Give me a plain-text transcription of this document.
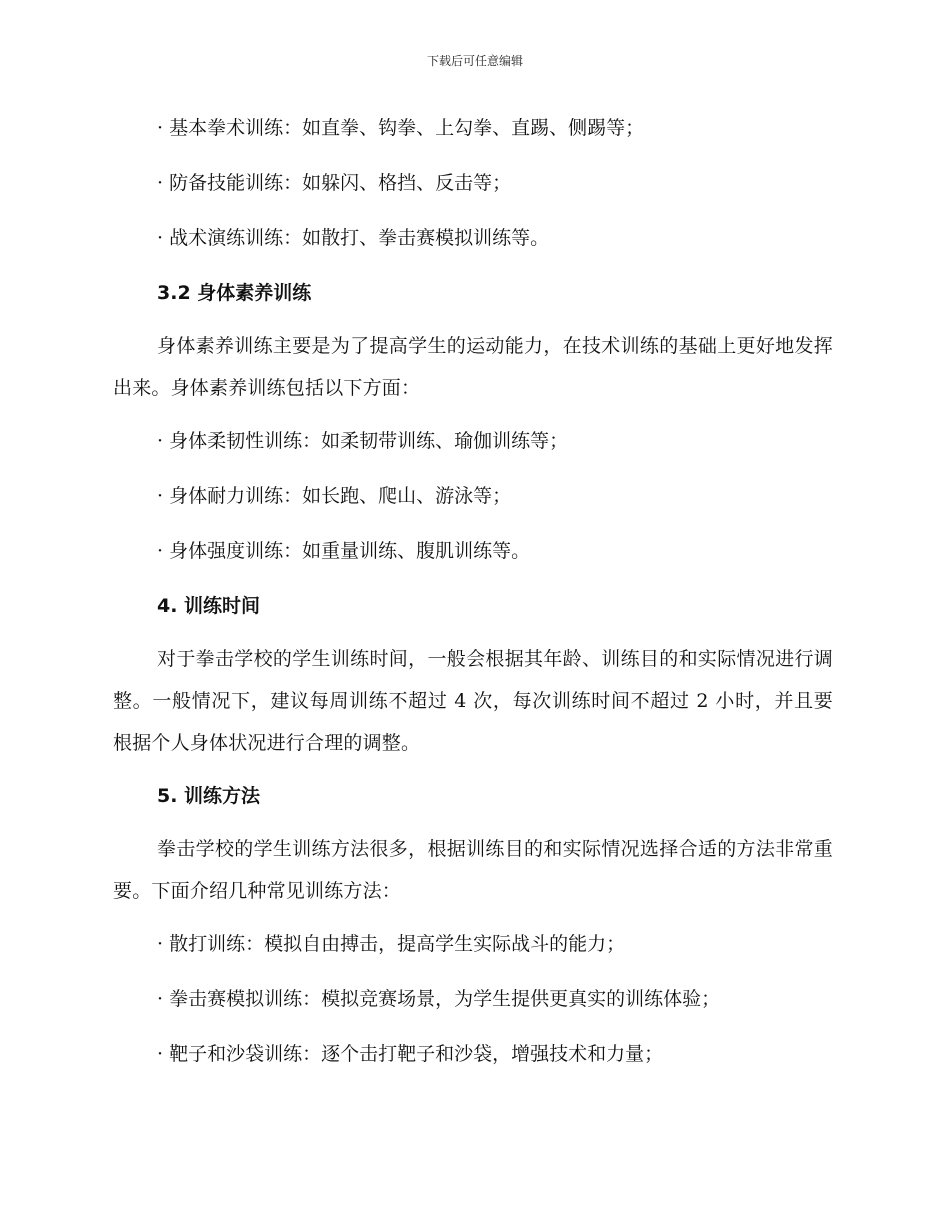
下载后可任意编辑

· 基本拳术训练：如直拳、钩拳、上勾拳、直踢、侧踢等；

· 防备技能训练：如躲闪、格挡、反击等；

· 战术演练训练：如散打、拳击赛模拟训练等。

3.2 身体素养训练

身体素养训练主要是为了提高学生的运动能力，在技术训练的基础上更好地发挥出来。身体素养训练包括以下方面：

· 身体柔韧性训练：如柔韧带训练、瑜伽训练等；

· 身体耐力训练：如长跑、爬山、游泳等；

· 身体强度训练：如重量训练、腹肌训练等。

4. 训练时间

对于拳击学校的学生训练时间，一般会根据其年龄、训练目的和实际情况进行调整。一般情况下，建议每周训练不超过 4 次，每次训练时间不超过 2 小时，并且要根据个人身体状况进行合理的调整。

5. 训练方法

拳击学校的学生训练方法很多，根据训练目的和实际情况选择合适的方法非常重要。下面介绍几种常见训练方法：

· 散打训练：模拟自由搏击，提高学生实际战斗的能力；

· 拳击赛模拟训练：模拟竞赛场景，为学生提供更真实的训练体验；

· 靶子和沙袋训练：逐个击打靶子和沙袋，增强技术和力量；
